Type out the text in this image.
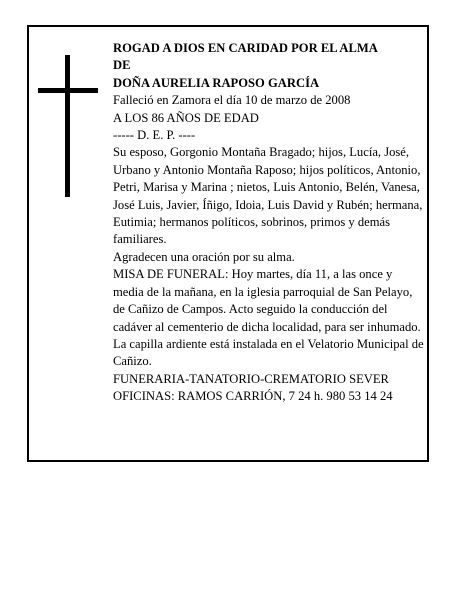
ROGAD A DIOS EN CARIDAD POR EL ALMA

DE

DOÑA AURELIA RAPOSO GARCÍA

Falleció en Zamora el día 10 de marzo de 2008

A LOS 86 AÑOS DE EDAD

----- D. E. P. ----

Su esposo, Gorgonio Montaña Bragado; hijos, Lucía, José, Urbano y Antonio Montaña Raposo; hijos políticos, Antonio, Petri, Marisa y Marina ; nietos, Luis Antonio, Belén, Vanesa, José Luis, Javier, Íñigo, Idoia, Luis David y Rubén; hermana, Eutimia; hermanos políticos, sobrinos, primos y demás familiares.

Agradecen una oración por su alma.

MISA DE FUNERAL: Hoy martes, día 11, a las once y media de la mañana, en la iglesia parroquial de San Pelayo, de Cañizo de Campos. Acto seguido la conducción del cadáver al cementerio de dicha localidad, para ser inhumado.

La capilla ardiente está instalada en el Velatorio Municipal de Cañizo.

FUNERARIA-TANATORIO-CREMATORIO SEVER

OFICINAS: RAMOS CARRIÓN, 7 24 h. 980 53 14 24
